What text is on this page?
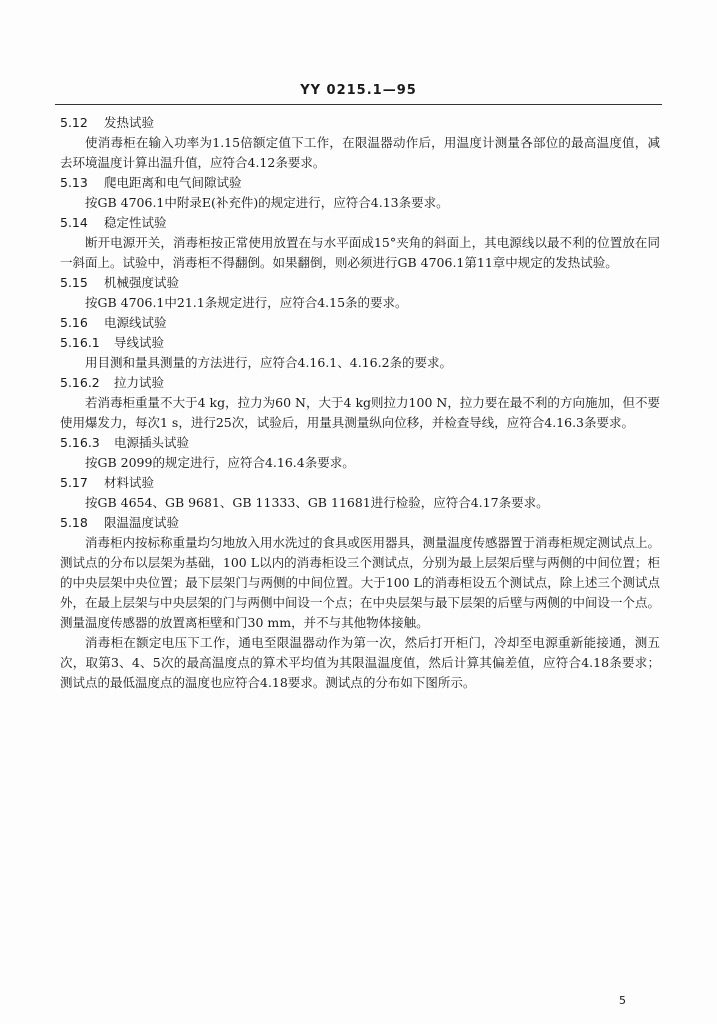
YY 0215.1—95
5.12 发热试验

使消毒柜在输入功率为1.15倍额定值下工作，在限温器动作后，用温度计测量各部位的最高温度值，减去环境温度计算出温升值，应符合4.12条要求。

5.13 爬电距离和电气间隙试验

按GB 4706.1中附录E(补充件)的规定进行，应符合4.13条要求。

5.14 稳定性试验

断开电源开关，消毒柜按正常使用放置在与水平面成15°夹角的斜面上，其电源线以最不利的位置放在同一斜面上。试验中，消毒柜不得翻倒。如果翻倒，则必须进行GB 4706.1第11章中规定的发热试验。

5.15 机械强度试验

按GB 4706.1中21.1条规定进行，应符合4.15条的要求。

5.16 电源线试验
5.16.1 导线试验

用目测和量具测量的方法进行，应符合4.16.1、4.16.2条的要求。

5.16.2 拉力试验

若消毒柜重量不大于4 kg，拉力为60 N，大于4 kg则拉力100 N，拉力要在最不利的方向施加，但不要使用爆发力，每次1 s，进行25次，试验后，用量具测量纵向位移，并检查导线，应符合4.16.3条要求。

5.16.3 电源插头试验

按GB 2099的规定进行，应符合4.16.4条要求。

5.17 材料试验

按GB 4654、GB 9681、GB 11333、GB 11681进行检验，应符合4.17条要求。

5.18 限温温度试验

消毒柜内按标称重量均匀地放入用水洗过的食具或医用器具，测量温度传感器置于消毒柜规定测试点上。测试点的分布以层架为基础，100 L以内的消毒柜设三个测试点，分别为最上层架后壁与两侧的中间位置；柜的中央层架中央位置；最下层架门与两侧的中间位置。大于100 L的消毒柜设五个测试点，除上述三个测试点外，在最上层架与中央层架的门与两侧中间设一个点；在中央层架与最下层架的后壁与两侧的中间设一个点。测量温度传感器的放置离柜壁和门30 mm，并不与其他物体接触。

消毒柜在额定电压下工作，通电至限温器动作为第一次，然后打开柜门，冷却至电源重新能接通，测五次，取第3、4、5次的最高温度点的算术平均值为其限温温度值，然后计算其偏差值，应符合4.18条要求；测试点的最低温度点的温度也应符合4.18要求。测试点的分布如下图所示。

5
